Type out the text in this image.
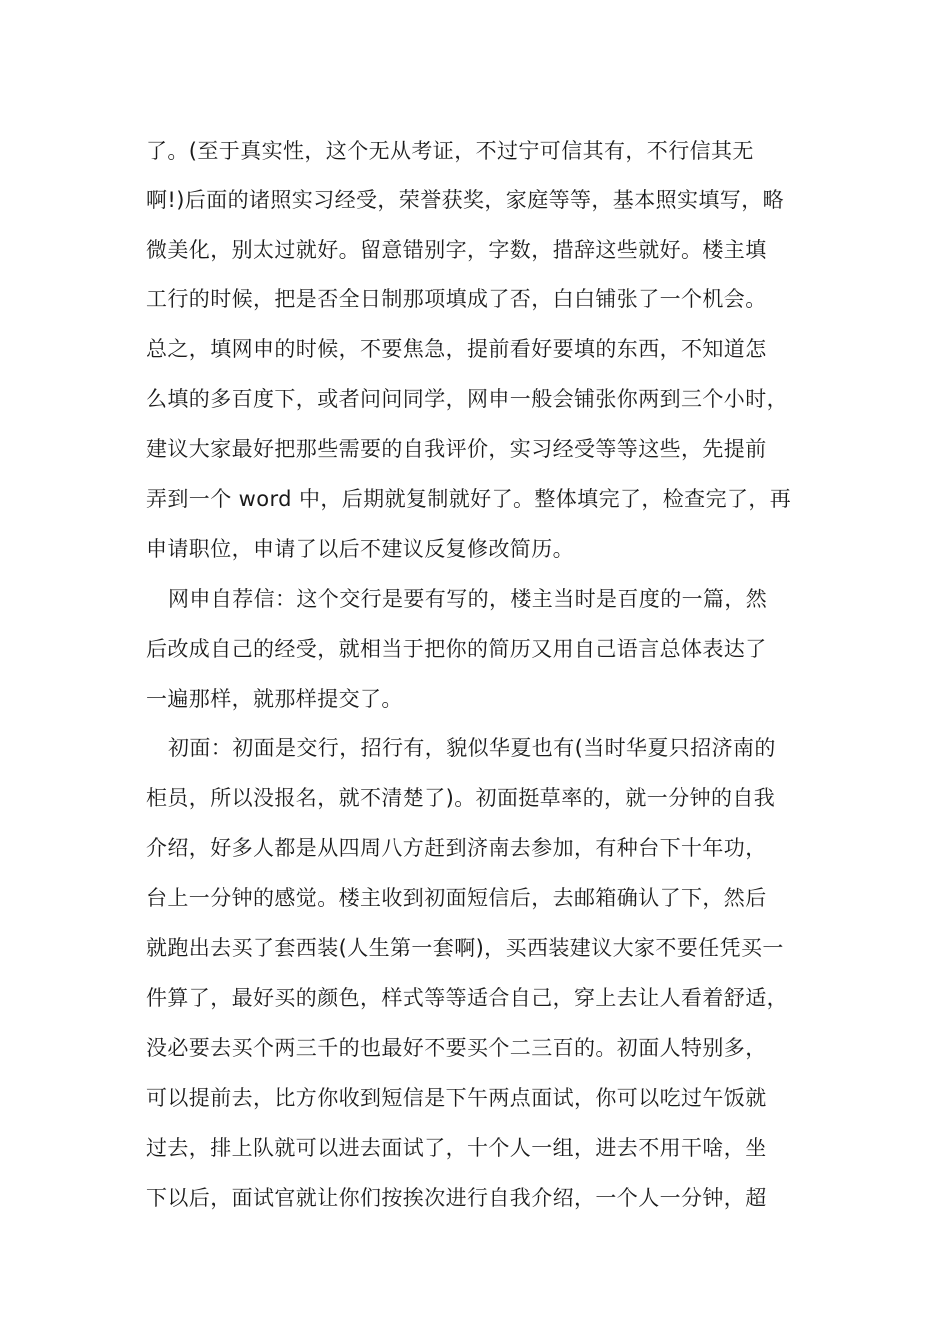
了。(至于真实性，这个无从考证，不过宁可信其有，不行信其无
啊!)后面的诸照实习经受，荣誉获奖，家庭等等，基本照实填写，略
微美化，别太过就好。留意错别字，字数，措辞这些就好。楼主填
工行的时候，把是否全日制那项填成了否，白白铺张了一个机会。
总之，填网申的时候，不要焦急，提前看好要填的东西，不知道怎
么填的多百度下，或者问问同学，网申一般会铺张你两到三个小时，
建议大家最好把那些需要的自我评价，实习经受等等这些，先提前
弄到一个 word 中，后期就复制就好了。整体填完了，检查完了，再
申请职位，申请了以后不建议反复修改简历。
网申自荐信：这个交行是要有写的，楼主当时是百度的一篇，然
后改成自己的经受，就相当于把你的简历又用自己语言总体表达了
一遍那样，就那样提交了。
初面：初面是交行，招行有，貌似华夏也有(当时华夏只招济南的
柜员，所以没报名，就不清楚了)。初面挺草率的，就一分钟的自我
介绍，好多人都是从四周八方赶到济南去参加，有种台下十年功，
台上一分钟的感觉。楼主收到初面短信后，去邮箱确认了下，然后
就跑出去买了套西装(人生第一套啊)，买西装建议大家不要任凭买一
件算了，最好买的颜色，样式等等适合自己，穿上去让人看着舒适，
没必要去买个两三千的也最好不要买个二三百的。初面人特别多，
可以提前去，比方你收到短信是下午两点面试，你可以吃过午饭就
过去，排上队就可以进去面试了，十个人一组，进去不用干啥，坐
下以后，面试官就让你们按挨次进行自我介绍，一个人一分钟，超
